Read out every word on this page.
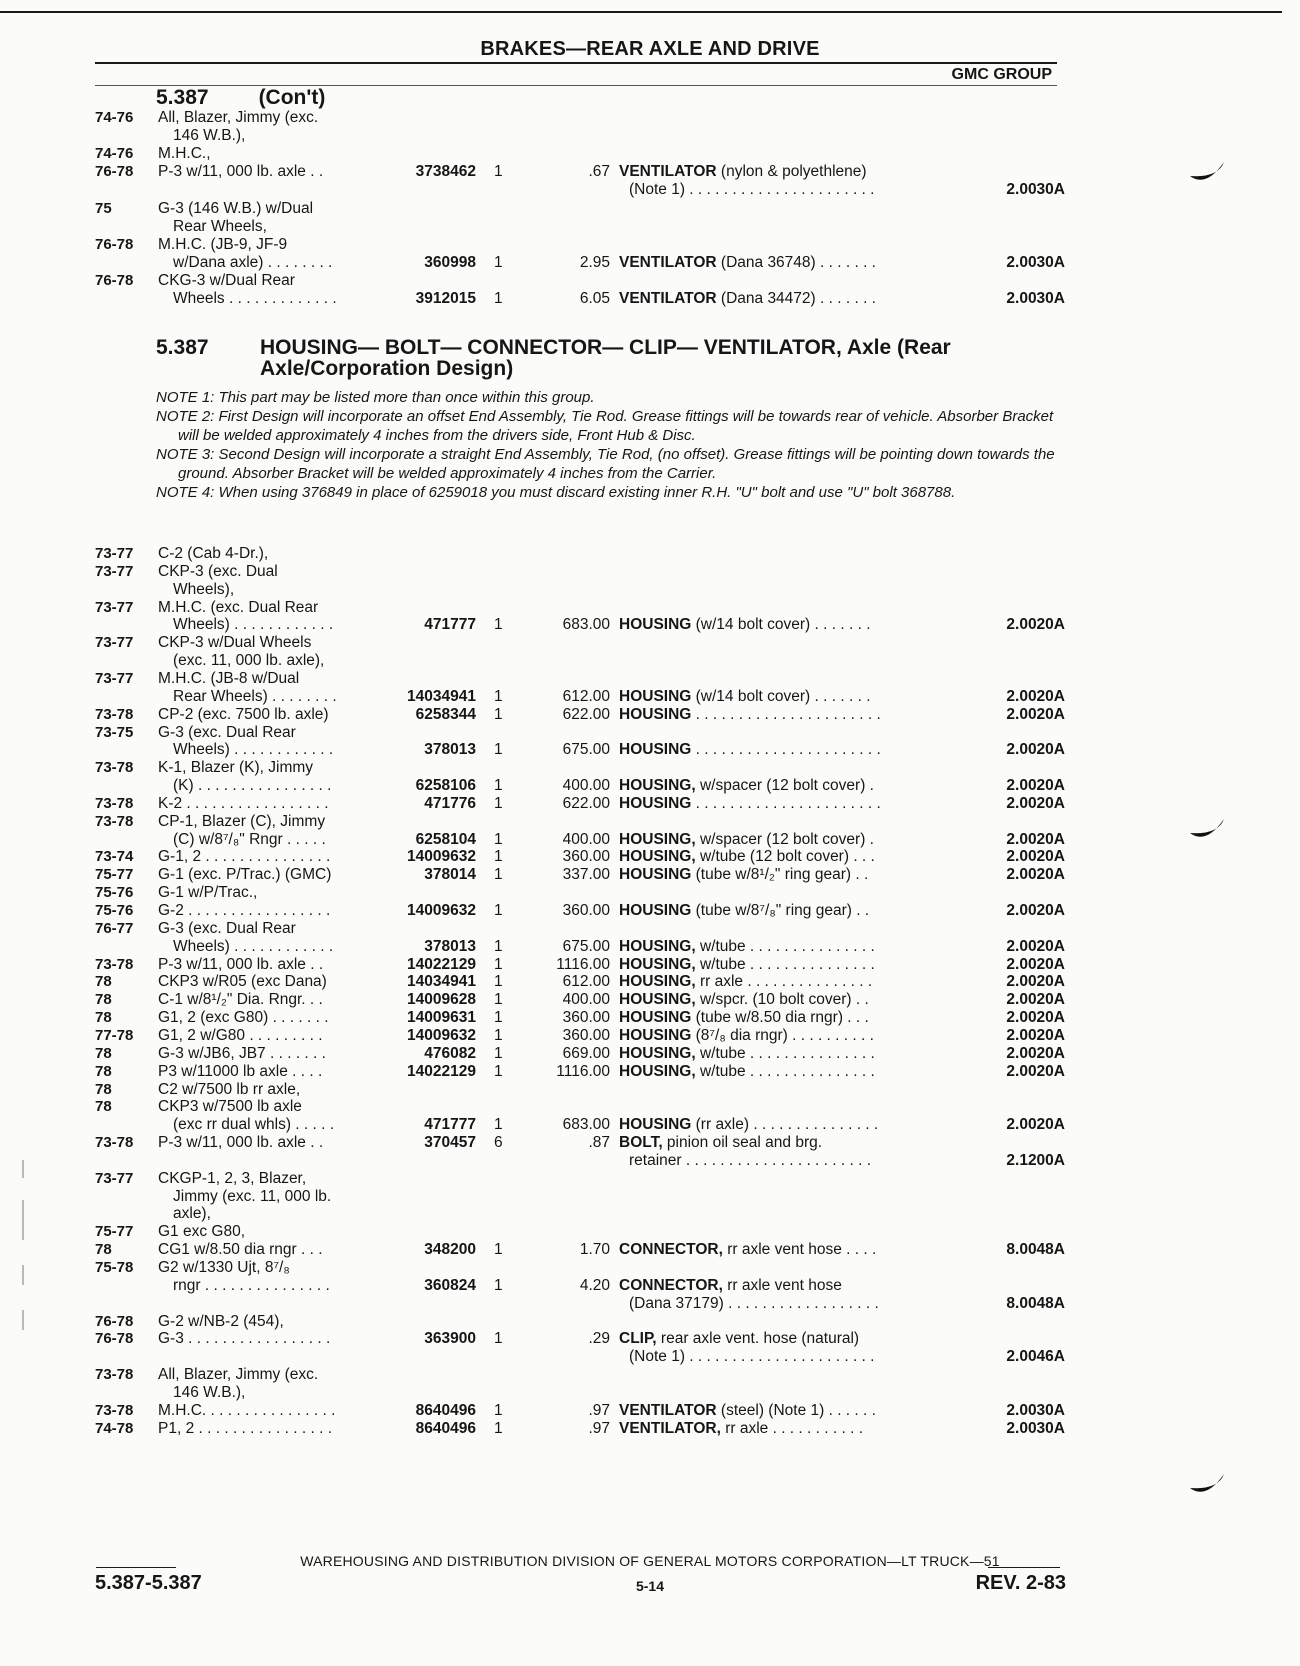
BRAKES—REAR AXLE AND DRIVE
GMC GROUP
5.387 (Con't)
5.387 HOUSING— BOLT— CONNECTOR— CLIP— VENTILATOR, Axle (Rear Axle/Corporation Design)
NOTE 1: This part may be listed more than once within this group.
NOTE 2: First Design will incorporate an offset End Assembly, Tie Rod. Grease fittings will be towards rear of vehicle. Absorber Bracket will be welded approximately 4 inches from the drivers side, Front Hub & Disc.
NOTE 3: Second Design will incorporate a straight End Assembly, Tie Rod, (no offset). Grease fittings will be pointing down towards the ground. Absorber Bracket will be welded approximately 4 inches from the Carrier.
NOTE 4: When using 376849 in place of 6259018 you must discard existing inner R.H. "U" bolt and use "U" bolt 368788.
74-76	All, Blazer, Jimmy (exc.
146 W.B.),
74-76	M.H.C.,
76-78	P-3 w/11, 000 lb. axle . .	3738462 1	.67 VENTILATOR (nylon & polyethlene)
(Note 1) . . . . . . . . . . . . . . . . . . . . . .	2.0030A
75	G-3 (146 W.B.) w/Dual
Rear Wheels,
76-78	M.H.C. (JB-9, JF-9
w/Dana axle) . . . . . . . .	360998 1	2.95 VENTILATOR (Dana 36748) . . . . . . .	2.0030A
76-78	CKG-3 w/Dual Rear
Wheels . . . . . . . . . . . . .	3912015 1	6.05 VENTILATOR (Dana 34472) . . . . . . .	2.0030A
73-77	C-2 (Cab 4-Dr.),
73-77	CKP-3 (exc. Dual
Wheels),
73-77	M.H.C. (exc. Dual Rear
Wheels) . . . . . . . . . . . .	471777 1	683.00 HOUSING (w/14 bolt cover) . . . . . . .	2.0020A
73-77	CKP-3 w/Dual Wheels
(exc. 11, 000 lb. axle),
73-77	M.H.C. (JB-8 w/Dual
Rear Wheels) . . . . . . . .	14034941 1	612.00 HOUSING (w/14 bolt cover) . . . . . . .	2.0020A
73-78	CP-2 (exc. 7500 lb. axle)	6258344 1	622.00 HOUSING . . . . . . . . . . . . . . . . . . . . . .	2.0020A
73-75	G-3 (exc. Dual Rear
Wheels) . . . . . . . . . . . .	378013 1	675.00 HOUSING . . . . . . . . . . . . . . . . . . . . . .	2.0020A
73-78	K-1, Blazer (K), Jimmy
(K) . . . . . . . . . . . . . . . .	6258106 1	400.00 HOUSING, w/spacer (12 bolt cover) .	2.0020A
73-78	K-2 . . . . . . . . . . . . . . . . .	471776 1	622.00 HOUSING . . . . . . . . . . . . . . . . . . . . . .	2.0020A
73-78	CP-1, Blazer (C), Jimmy
(C) w/8⁷/₈" Rngr . . . . .	6258104 1	400.00 HOUSING, w/spacer (12 bolt cover) .	2.0020A
73-74	G-1, 2 . . . . . . . . . . . . . . .	14009632 1	360.00 HOUSING, w/tube (12 bolt cover) . . .	2.0020A
75-77	G-1 (exc. P/Trac.) (GMC)	378014 1	337.00 HOUSING (tube w/8¹/₂" ring gear) . .	2.0020A
75-76	G-1 w/P/Trac.,
75-76	G-2 . . . . . . . . . . . . . . . . .	14009632 1	360.00 HOUSING (tube w/8⁷/₈" ring gear) . .	2.0020A
76-77	G-3 (exc. Dual Rear
Wheels) . . . . . . . . . . . .	378013 1	675.00 HOUSING, w/tube . . . . . . . . . . . . . . .	2.0020A
73-78	P-3 w/11, 000 lb. axle . .	14022129 1	1116.00 HOUSING, w/tube . . . . . . . . . . . . . . .	2.0020A
78	CKP3 w/R05 (exc Dana)	14034941 1	612.00 HOUSING, rr axle . . . . . . . . . . . . . . .	2.0020A
78	C-1 w/8¹/₂" Dia. Rngr. . .	14009628 1	400.00 HOUSING, w/spcr. (10 bolt cover) . .	2.0020A
78	G1, 2 (exc G80) . . . . . . .	14009631 1	360.00 HOUSING (tube w/8.50 dia rngr) . . .	2.0020A
77-78	G1, 2 w/G80 . . . . . . . . .	14009632 1	360.00 HOUSING (8⁷/₈ dia rngr) . . . . . . . . . .	2.0020A
78	G-3 w/JB6, JB7 . . . . . . .	476082 1	669.00 HOUSING, w/tube . . . . . . . . . . . . . . .	2.0020A
78	P3 w/11000 lb axle . . . .	14022129 1	1116.00 HOUSING, w/tube . . . . . . . . . . . . . . .	2.0020A
78	C2 w/7500 lb rr axle,
78	CKP3 w/7500 lb axle
(exc rr dual whls) . . . . .	471777 1	683.00 HOUSING (rr axle) . . . . . . . . . . . . . . .	2.0020A
73-78	P-3 w/11, 000 lb. axle . .	370457 6	.87 BOLT, pinion oil seal and brg.
retainer . . . . . . . . . . . . . . . . . . . . . .	2.1200A
73-77	CKGP-1, 2, 3, Blazer,
Jimmy (exc. 11, 000 lb.
axle),
75-77	G1 exc G80,
78	CG1 w/8.50 dia rngr . . .	348200 1	1.70 CONNECTOR, rr axle vent hose . . . .	8.0048A
75-78	G2 w/1330 Ujt, 8⁷/₈
rngr . . . . . . . . . . . . . . .	360824 1	4.20 CONNECTOR, rr axle vent hose
(Dana 37179) . . . . . . . . . . . . . . . . . .	8.0048A
76-78	G-2 w/NB-2 (454),
76-78	G-3 . . . . . . . . . . . . . . . . .	363900 1	.29 CLIP, rear axle vent. hose (natural)
(Note 1) . . . . . . . . . . . . . . . . . . . . . .	2.0046A
73-78	All, Blazer, Jimmy (exc.
146 W.B.),
73-78	M.H.C. . . . . . . . . . . . . . . .	8640496 1	.97 VENTILATOR (steel) (Note 1) . . . . . .	2.0030A
74-78	P1, 2 . . . . . . . . . . . . . . . .	8640496 1	.97 VENTILATOR, rr axle . . . . . . . . . . .	2.0030A
WAREHOUSING AND DISTRIBUTION DIVISION OF GENERAL MOTORS CORPORATION—LT TRUCK—51
5.387-5.387	5-14	REV. 2-83
